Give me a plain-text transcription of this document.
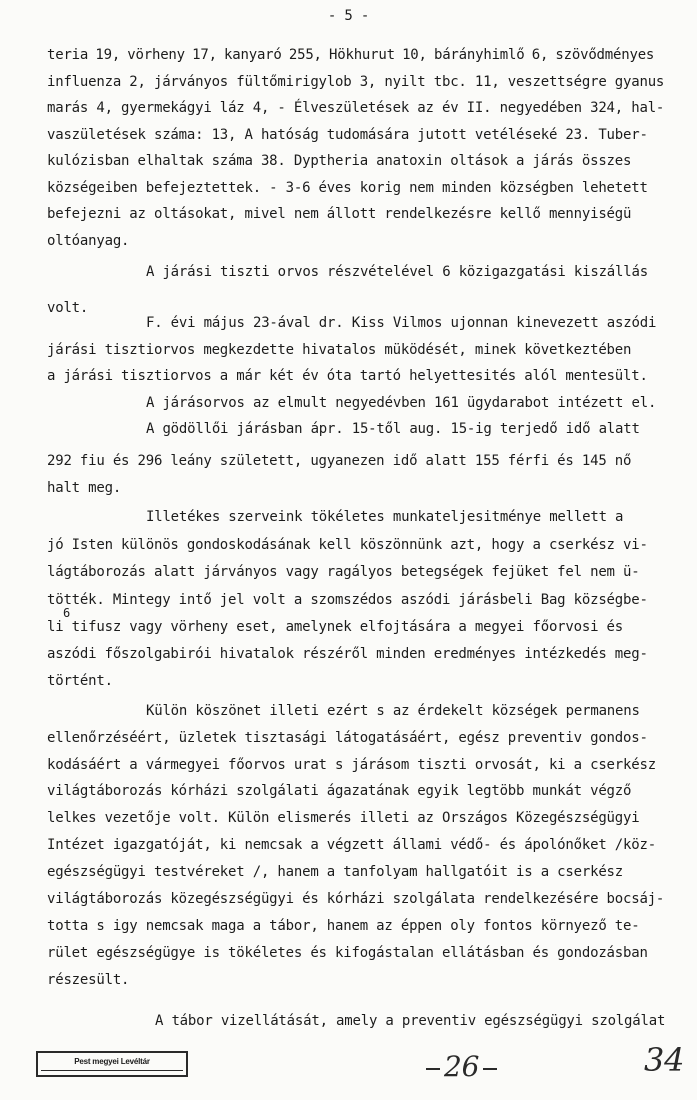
- 5 -
teria 19, vörheny 17, kanyaró 255, Hökhurut 10, bárányhimlő 6, szövődményes
influenza 2, járványos fültőmirigylob 3, nyilt tbc. 11, veszettségre gyanus
marás 4, gyermekágyi láz 4, - Élveszületések az év II. negyedében 324, hal-
vaszületések száma: 13, A hatóság tudomására jutott vetéléseké 23. Tuber-
kulózisban elhaltak száma 38. Dyptheria anatoxin oltások a járás összes
községeiben befejeztettek. - 3-6 éves korig nem minden községben lehetett
befejezni az oltásokat, mivel nem állott rendelkezésre kellő mennyiségü
oltóanyag.
A járási tiszti orvos részvételével 6 közigazgatási kiszállás
volt.
F. évi május 23-ával dr. Kiss Vilmos ujonnan kinevezett aszódi
járási tisztiorvos megkezdette hivatalos müködését, minek következtében
a járási tisztiorvos a már két év óta tartó helyettesités alól mentesült.
A járásorvos az elmult negyedévben 161 ügydarabot intézett el.
A gödöllői járásban ápr. 15-től aug. 15-ig terjedő idő alatt
292 fiu és 296 leány született, ugyanezen idő alatt 155 férfi és 145 nő
halt meg.
Illetékes szerveink tökéletes munkateljesitménye mellett a
jó Isten különös gondoskodásának kell köszönnünk azt, hogy a cserkész vi-
lágtáborozás alatt járványos vagy ragályos betegségek fejüket fel nem ü-
tötték. Mintegy intő jel volt a szomszédos aszódi járásbeli Bag községbe-
6
li tifusz vagy vörheny eset, amelynek elfojtására a megyei főorvosi és
aszódi főszolgabirói hivatalok részéről minden eredményes intézkedés meg-
történt.
Külön köszönet illeti ezért s az érdekelt községek permanens
ellenőrzéséért, üzletek tisztasági látogatásáért, egész preventiv gondos-
kodásáért a vármegyei főorvos urat s járásom tiszti orvosát, ki a cserkész
világtáborozás kórházi szolgálati ágazatának egyik legtöbb munkát végző
lelkes vezetője volt. Külön elismerés illeti az Országos Közegészségügyi
Intézet igazgatóját, ki nemcsak a végzett állami védő- és ápolónőket /köz-
egészségügyi testvéreket /, hanem a tanfolyam hallgatóit is a cserkész
világtáborozás közegészségügyi és kórházi szolgálata rendelkezésére bocsáj-
totta s igy nemcsak maga a tábor, hanem az éppen oly fontos környező te-
rület egészségügye is tökéletes és kifogástalan ellátásban és gondozásban
részesült.
A tábor vizellátását, amely a preventiv egészségügyi szolgálat
Pest megyei Levéltár	26	34
